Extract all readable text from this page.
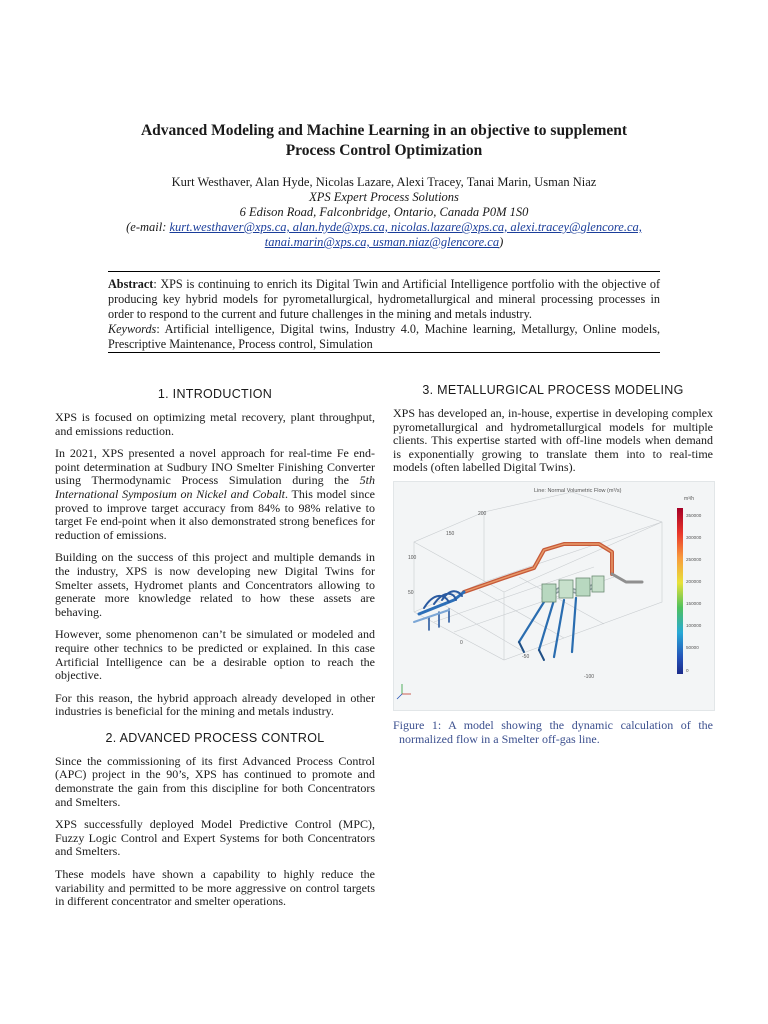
Advanced Modeling and Machine Learning in an objective to supplement
Process Control Optimization
Kurt Westhaver, Alan Hyde, Nicolas Lazare, Alexi Tracey, Tanai Marin, Usman Niaz
XPS Expert Process Solutions
6 Edison Road, Falconbridge, Ontario, Canada P0M 1S0
(e-mail: kurt.westhaver@xps.ca, alan.hyde@xps.ca, nicolas.lazare@xps.ca, alexi.tracey@glencore.ca,
tanai.marin@xps.ca, usman.niaz@glencore.ca)

Abstract: XPS is continuing to enrich its Digital Twin and Artificial Intelligence portfolio with the objective of producing key hybrid models for pyrometallurgical, hydrometallurgical and mineral processing processes in order to respond to the current and future challenges in the mining and metals industry.

Keywords: Artificial intelligence, Digital twins, Industry 4.0, Machine learning, Metallurgy, Online models, Prescriptive Maintenance, Process control, Simulation

1. INTRODUCTION

XPS is focused on optimizing metal recovery, plant throughput, and emissions reduction.

In 2021, XPS presented a novel approach for real-time Fe end-point determination at Sudbury INO Smelter Finishing Converter using Thermodynamic Process Simulation during the 5th International Symposium on Nickel and Cobalt. This model since proved to improve target accuracy from 84% to 98% relative to target Fe end-point when it also demonstrated strong benefices for reduction of emissions.

Building on the success of this project and multiple demands in the industry, XPS is now developing new Digital Twins for Smelter assets, Hydromet plants and Concentrators allowing to generate more knowledge related to how these assets are behaving.

However, some phenomenon can’t be simulated or modeled and require other technics to be predicted or explained. In this case Artificial Intelligence can be a desirable option to reach the objective.

For this reason, the hybrid approach already developed in other industries is beneficial for the mining and metals industry.

2. ADVANCED PROCESS CONTROL

Since the commissioning of its first Advanced Process Control (APC) project in the 90’s, XPS has continued to promote and demonstrate the gain from this discipline for both Concentrators and Smelters.

XPS successfully deployed Model Predictive Control (MPC), Fuzzy Logic Control and Expert Systems for both Concentrators and Smelters.

These models have shown a capability to highly reduce the variability and permitted to be more aggressive on control targets in different concentrator and smelter operations.

3. METALLURGICAL PROCESS MODELING

XPS has developed an, in-house, expertise in developing complex pyrometallurgical and hydrometallurgical models for multiple clients. This expertise started with off-line models when demand is exponentially growing to translate them into to real-time models (often labelled Digital Twins).

Line: Normal Volumetric Flow (m³/s)
m³/h
200
150
100
50
0
-50
-100
350000
300000
250000
200000
150000
100000
50000
0

Figure 1: A model showing the dynamic calculation of the normalized flow in a Smelter off-gas line.
